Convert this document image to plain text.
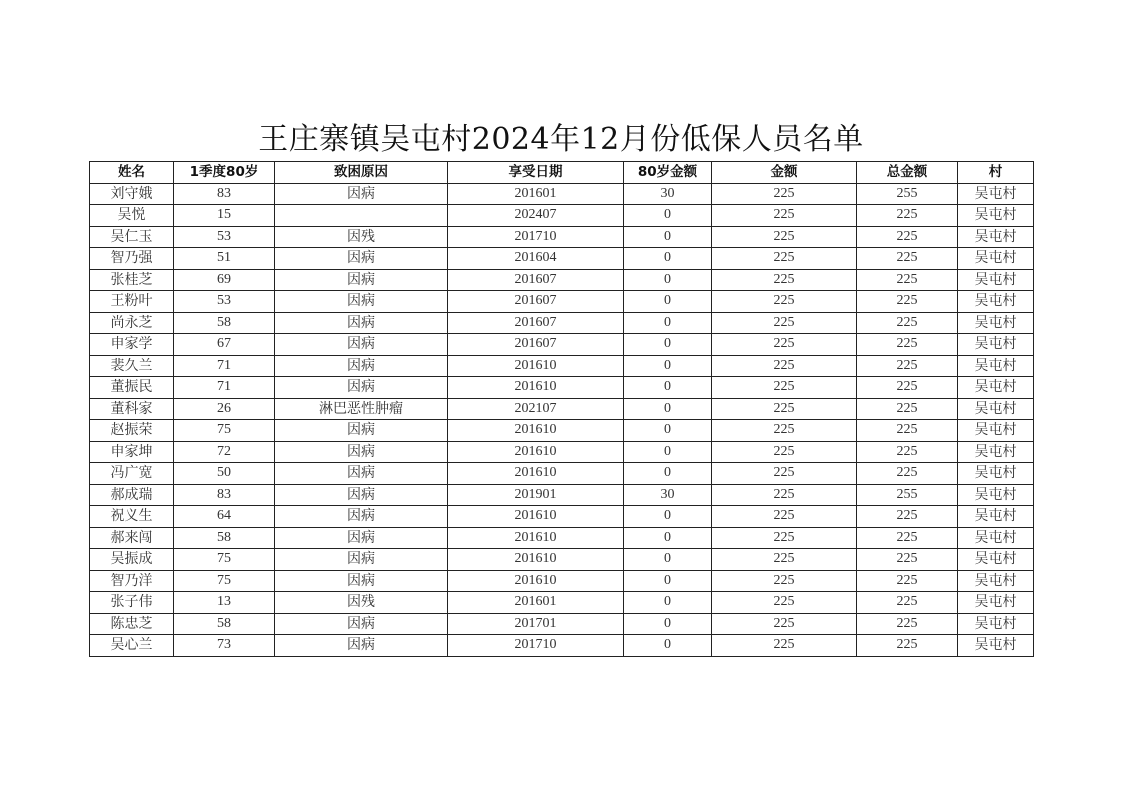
王庄寨镇吴屯村2024年12月份低保人员名单
姓名	1季度80岁	致困原因	享受日期	80岁金额	金额	总金额	村
刘守娥	83	因病	201601	30	225	255	吴屯村
吴悦	15		202407	0	225	225	吴屯村
吴仁玉	53	因残	201710	0	225	225	吴屯村
智乃强	51	因病	201604	0	225	225	吴屯村
张桂芝	69	因病	201607	0	225	225	吴屯村
王粉叶	53	因病	201607	0	225	225	吴屯村
尚永芝	58	因病	201607	0	225	225	吴屯村
申家学	67	因病	201607	0	225	225	吴屯村
裴久兰	71	因病	201610	0	225	225	吴屯村
董振民	71	因病	201610	0	225	225	吴屯村
董科家	26	淋巴恶性肿瘤	202107	0	225	225	吴屯村
赵振荣	75	因病	201610	0	225	225	吴屯村
申家坤	72	因病	201610	0	225	225	吴屯村
冯广宽	50	因病	201610	0	225	225	吴屯村
郝成瑞	83	因病	201901	30	225	255	吴屯村
祝义生	64	因病	201610	0	225	225	吴屯村
郝来闯	58	因病	201610	0	225	225	吴屯村
吴振成	75	因病	201610	0	225	225	吴屯村
智乃洋	75	因病	201610	0	225	225	吴屯村
张子伟	13	因残	201601	0	225	225	吴屯村
陈忠芝	58	因病	201701	0	225	225	吴屯村
吴心兰	73	因病	201710	0	225	225	吴屯村
